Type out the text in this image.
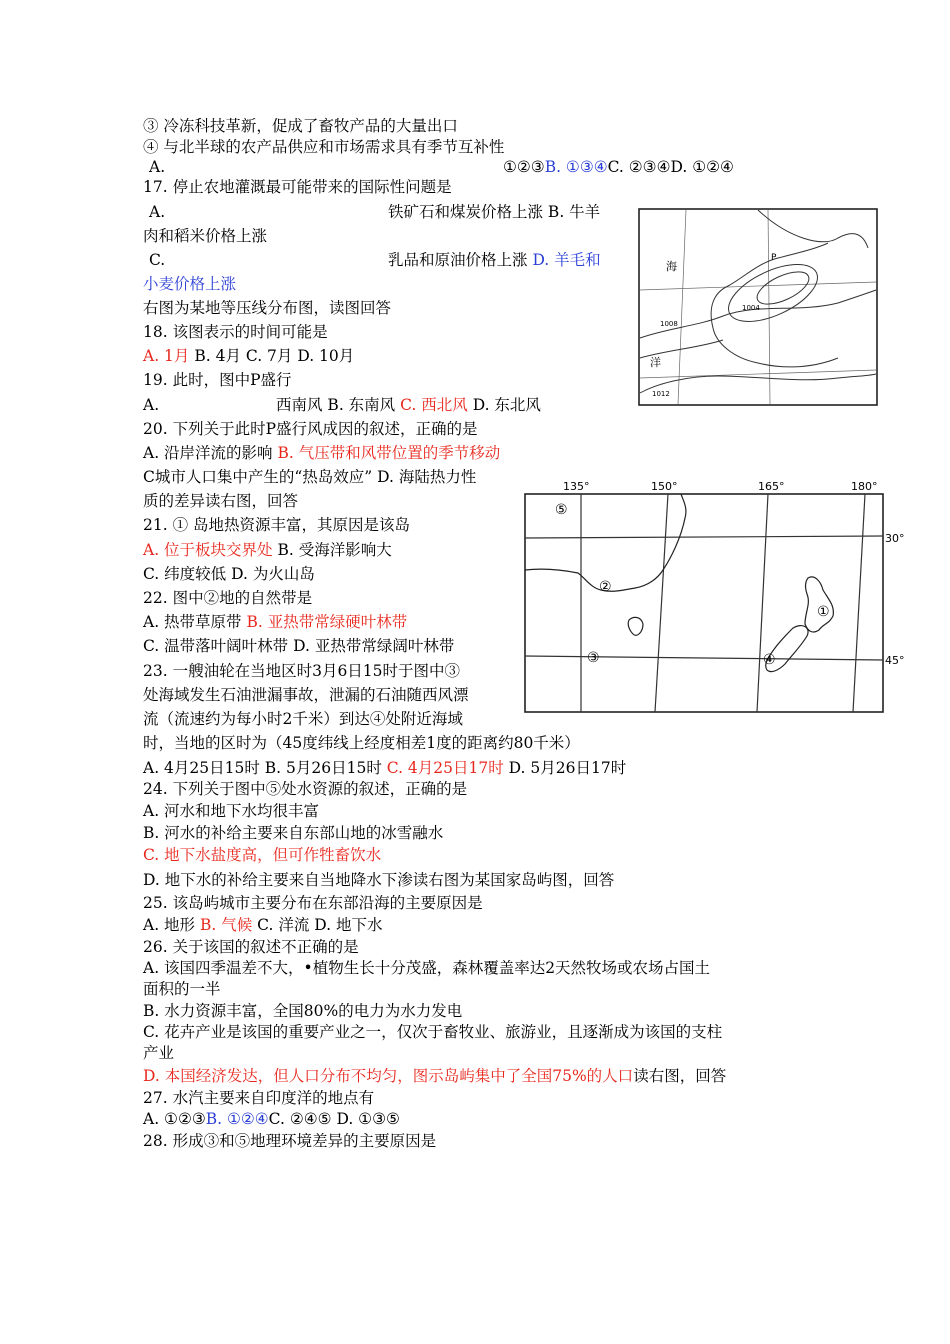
③ 冷冻科技革新，促成了畜牧产品的大量出口
④ 与北半球的农产品供应和市场需求具有季节互补性
A.	①②③B. ①③④C. ②③④D. ①②④
17. 停止农地灌溉最可能带来的国际性问题是
A.	铁矿石和煤炭价格上涨 B. 牛羊
肉和稻米价格上涨
C.	乳品和原油价格上涨 D. 羊毛和
小麦价格上涨
右图为某地等压线分布图，读图回答
18. 该图表示的时间可能是
A. 1月 B. 4月 C. 7月 D. 10月
19. 此时，图中P盛行
A.	西南风 B. 东南风 C. 西北风 D. 东北风
20. 下列关于此时P盛行风成因的叙述，正确的是
A. 沿岸洋流的影响 B. 气压带和风带位置的季节移动
C城市人口集中产生的“热岛效应” D. 海陆热力性
质的差异读右图，回答
21. ① 岛地热资源丰富，其原因是该岛
A. 位于板块交界处 B. 受海洋影响大
C. 纬度较低 D. 为火山岛
22. 图中②地的自然带是
A. 热带草原带 B. 亚热带常绿硬叶林带
C. 温带落叶阔叶林带 D. 亚热带常绿阔叶林带
23. 一艘油轮在当地区时3月6日15时于图中③
处海域发生石油泄漏事故，泄漏的石油随西风漂
流（流速约为每小时2千米）到达④处附近海域
时，当地的区时为（45度纬线上经度相差1度的距离约80千米）
A. 4月25日15时 B. 5月26日15时 C. 4月25日17时 D. 5月26日17时
24. 下列关于图中⑤处水资源的叙述，正确的是
A. 河水和地下水均很丰富
B. 河水的补给主要来自东部山地的冰雪融水
C. 地下水盐度高，但可作牲畜饮水
D. 地下水的补给主要来自当地降水下渗读右图为某国家岛屿图，回答
25. 该岛屿城市主要分布在东部沿海的主要原因是
A. 地形 B. 气候 C. 洋流 D. 地下水
26. 关于该国的叙述不正确的是
A. 该国四季温差不大，•植物生长十分茂盛，森林覆盖率达2天然牧场或农场占国土
面积的一半
B. 水力资源丰富，全国80%的电力为水力发电
C. 花卉产业是该国的重要产业之一，仅次于畜牧业、旅游业，且逐渐成为该国的支柱
产业
D. 本国经济发达，但人口分布不均匀，图示岛屿集中了全国75%的人口读右图，回答
27. 水汽主要来自印度洋的地点有
A. ①②③B. ①②④C. ②④⑤ D. ①③⑤
28. 形成③和⑤地理环境差异的主要原因是
海
洋
P
1004
1008
1012
135°	150°	165°	180°
30°
45°
⑤
②
③
①
④
